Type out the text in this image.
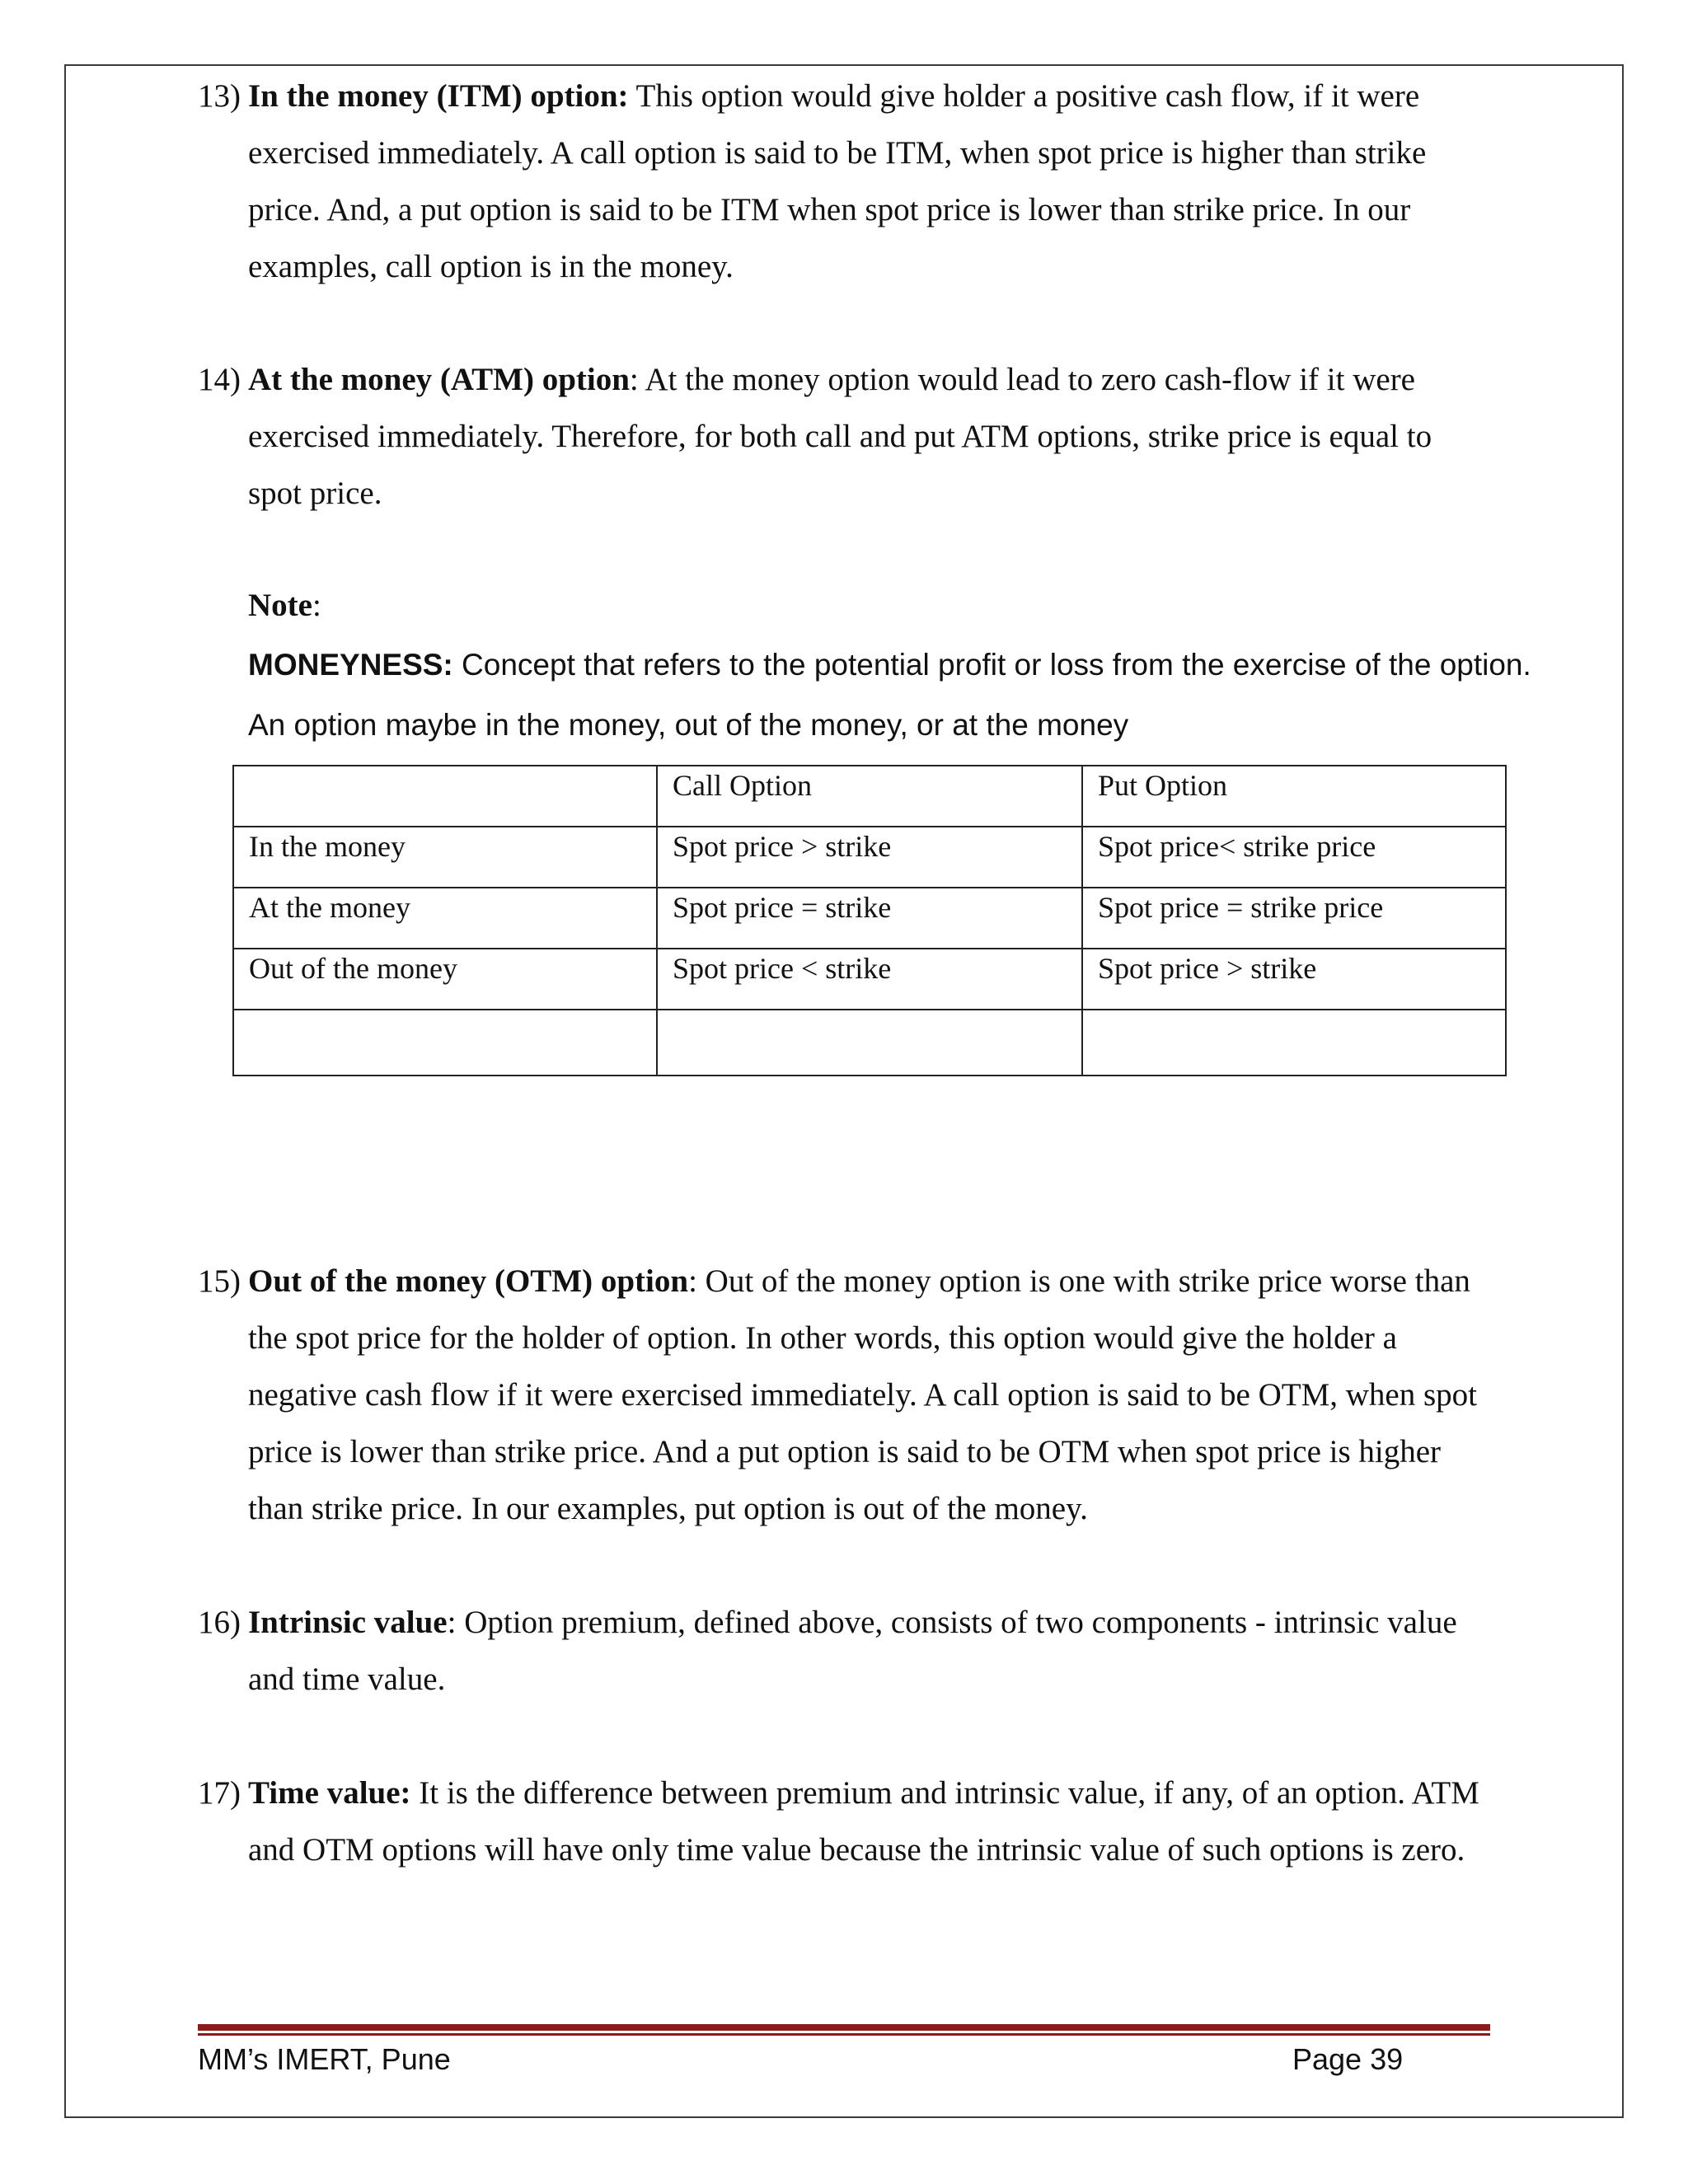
13) In the money (ITM) option: This option would give holder a positive cash flow, if it were exercised immediately. A call option is said to be ITM, when spot price is higher than strike price. And, a put option is said to be ITM when spot price is lower than strike price. In our examples, call option is in the money.
14) At the money (ATM) option: At the money option would lead to zero cash-flow if it were exercised immediately. Therefore, for both call and put ATM options, strike price is equal to spot price.
Note:
MONEYNESS: Concept that refers to the potential profit or loss from the exercise of the option. An option maybe in the money, out of the money, or at the money
	Call Option	Put Option
In the money	Spot price > strike	Spot price< strike price
At the money	Spot price = strike	Spot price = strike price
Out of the money	Spot price < strike	Spot price > strike

15) Out of the money (OTM) option: Out of the money option is one with strike price worse than the spot price for the holder of option. In other words, this option would give the holder a negative cash flow if it were exercised immediately. A call option is said to be OTM, when spot price is lower than strike price. And a put option is said to be OTM when spot price is higher than strike price. In our examples, put option is out of the money.
16) Intrinsic value: Option premium, defined above, consists of two components - intrinsic value and time value.
17) Time value: It is the difference between premium and intrinsic value, if any, of an option. ATM and OTM options will have only time value because the intrinsic value of such options is zero.
MM’s IMERT, Pune	Page 39
